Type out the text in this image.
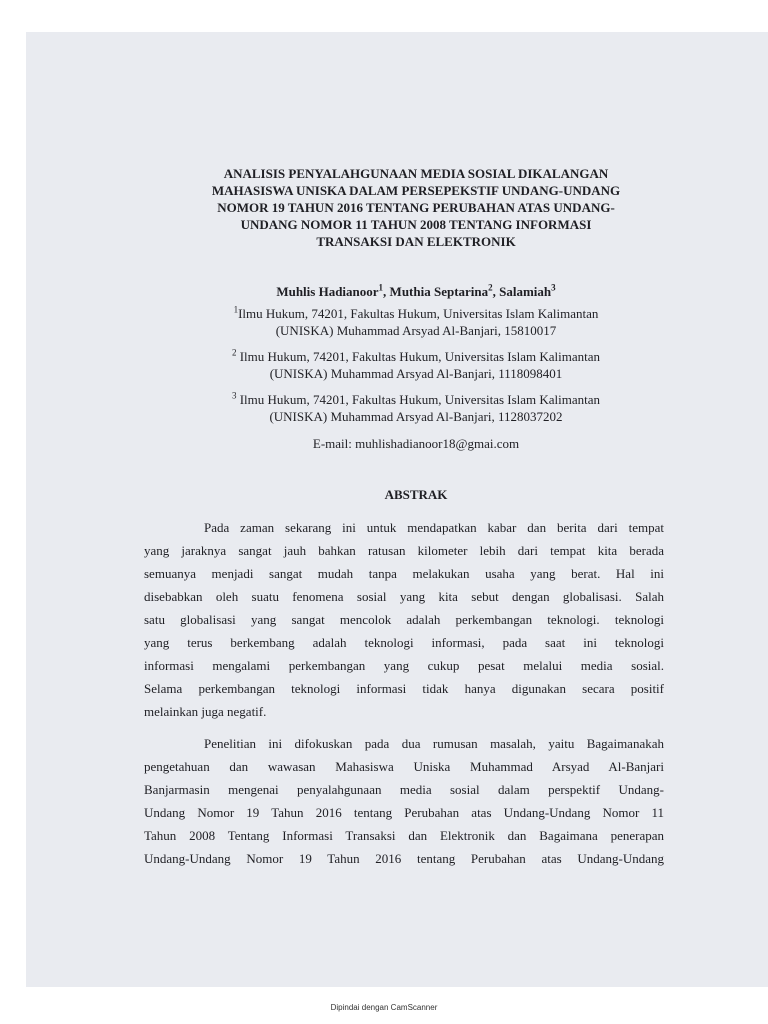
ANALISIS PENYALAHGUNAAN MEDIA SOSIAL DIKALANGAN
MAHASISWA UNISKA DALAM PERSEPEKSTIF UNDANG-UNDANG
NOMOR 19 TAHUN 2016 TENTANG PERUBAHAN ATAS UNDANG-
UNDANG NOMOR 11 TAHUN 2008 TENTANG INFORMASI
TRANSAKSI DAN ELEKTRONIK
Muhlis Hadianoor$^1$, Muthia Septarina$^2$, Salamiah$^3$
$^1$Ilmu Hukum, 74201, Fakultas Hukum, Universitas Islam Kalimantan
(UNISKA) Muhammad Arsyad Al-Banjari, 15810017
$^2$ Ilmu Hukum, 74201, Fakultas Hukum, Universitas Islam Kalimantan
(UNISKA) Muhammad Arsyad Al-Banjari, 1118098401
$^3$ Ilmu Hukum, 74201, Fakultas Hukum, Universitas Islam Kalimantan
(UNISKA) Muhammad Arsyad Al-Banjari, 1128037202
E-mail: muhlishadianoor18@gmai.com
ABSTRAK
Pada zaman sekarang ini untuk mendapatkan kabar dan berita dari tempat
yang jaraknya sangat jauh bahkan ratusan kilometer lebih dari tempat kita berada
semuanya menjadi sangat mudah tanpa melakukan usaha yang berat. Hal ini
disebabkan oleh suatu fenomena sosial yang kita sebut dengan globalisasi. Salah
satu globalisasi yang sangat mencolok adalah perkembangan teknologi. teknologi
yang terus berkembang adalah teknologi informasi, pada saat ini teknologi
informasi mengalami perkembangan yang cukup pesat melalui media sosial.
Selama perkembangan teknologi informasi tidak hanya digunakan secara positif
melainkan juga negatif.
Penelitian ini difokuskan pada dua rumusan masalah, yaitu Bagaimanakah
pengetahuan dan wawasan Mahasiswa Uniska Muhammad Arsyad Al-Banjari
Banjarmasin mengenai penyalahgunaan media sosial dalam perspektif Undang-
Undang Nomor 19 Tahun 2016 tentang Perubahan atas Undang-Undang Nomor 11
Tahun 2008 Tentang Informasi Transaksi dan Elektronik dan Bagaimana penerapan
Undang-Undang Nomor 19 Tahun 2016 tentang Perubahan atas Undang-Undang
Dipindai dengan CamScanner
